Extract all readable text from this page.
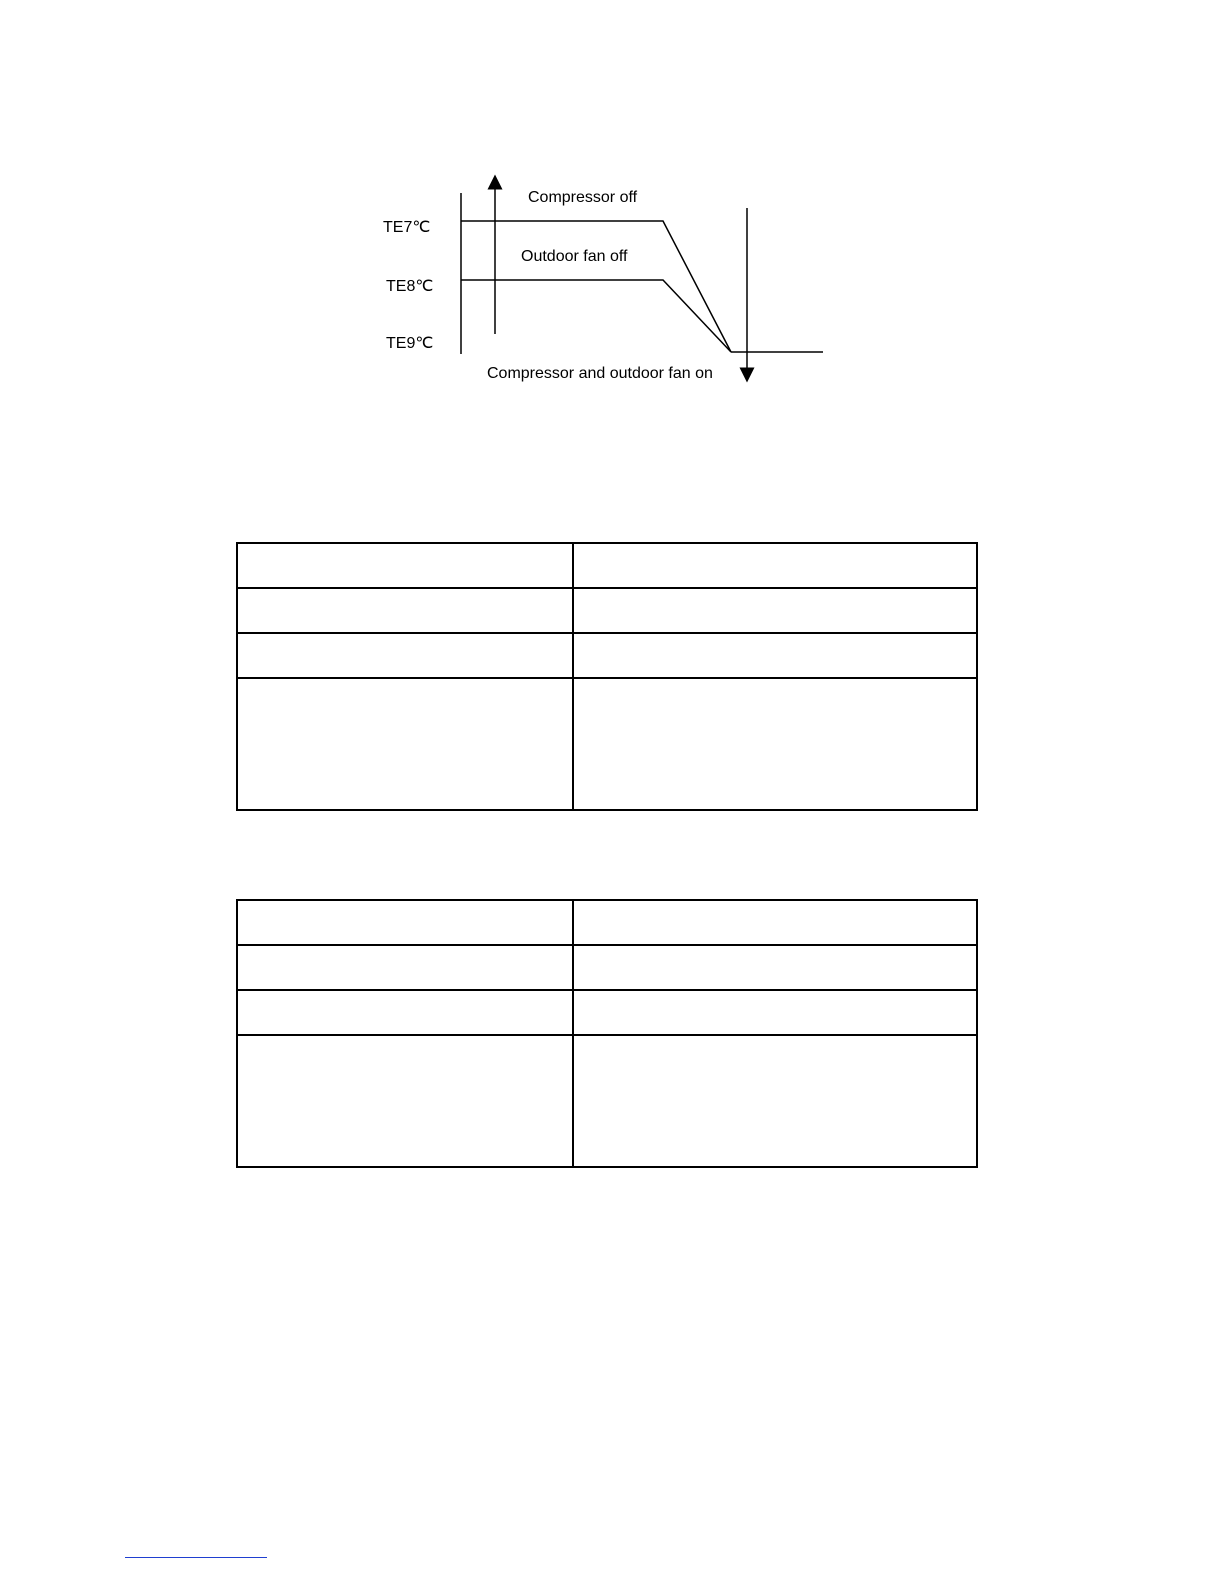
TE7℃
TE8℃
TE9℃
Compressor off
Outdoor fan off
Compressor and outdoor fan on
